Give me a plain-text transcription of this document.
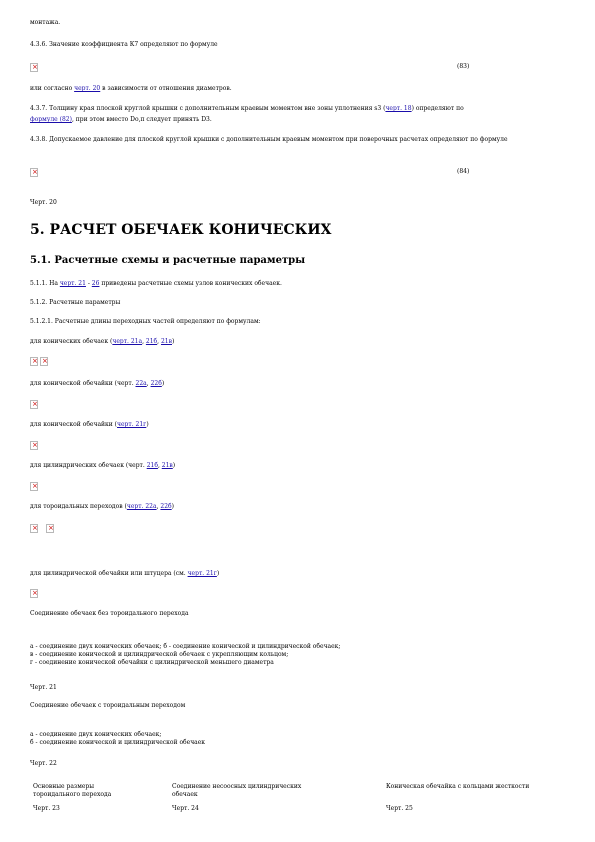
монтажа.
4.3.6. Значение коэффициента К7 определяют по формуле
×
(83)
или согласно черт. 20 в зависимости от отношения диаметров.
4.3.7. Толщину края плоской круглой крышки с дополнительным краевым моментом вне зоны уплотнения s3 (черт. 18) определяют по
формуле (82), при этом вместо Dо,п следует принять D3.
4.3.8. Допускаемое давление для плоской круглой крышки с дополнительным краевым моментом при поверочных расчетах определяют по формуле
×
(84)
Черт. 20
5. РАСЧЕТ ОБЕЧАЕК КОНИЧЕСКИХ
5.1. Расчетные схемы и расчетные параметры
5.1.1. На черт. 21 - 26 приведены расчетные схемы узлов конических обечаек.
5.1.2. Расчетные параметры
5.1.2.1. Расчетные длины переходных частей определяют по формулам:
для конических обечаек (черт. 21а, 21б, 21в)
××
для конической обечайки (черт. 22а, 22б)
×
для конической обечайки (черт. 21г)
×
для цилиндрических обечаек (черт. 21б, 21в)
×
для тороидальных переходов (черт. 22а, 22б)
××
для цилиндрической обечайки или штуцера (см. черт. 21г)
×
Соединение обечаек без тороидального перехода
а - соединение двух конических обечаек; б - соединение конической и цилиндрической обечаек;
в - соединение конической и цилиндрической обечаек с укрепляющим кольцом;
г - соединение конической обечайки с цилиндрической меньшего диаметра
Черт. 21
Соединение обечаек с тороидальным переходом
а - соединение двух конических обечаек;
б - соединение конической и цилиндрической обечаек
Черт. 22
Основные размеры тороидального перехода
Соединение несоосных цилиндрических обечаек
Коническая обечайка с кольцами жесткости
Черт. 23	Черт. 24	Черт. 25
